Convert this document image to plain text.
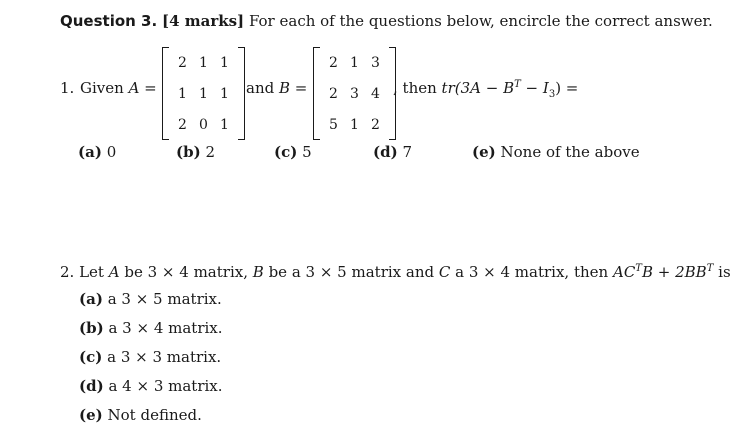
Question 3. [4 marks] For each of the questions below, encircle the correct answer.
1. Given A =
2 1 1
1 1 1
2 0 1
and B =
2 1 3
2 3 4
5 1 2
, then $tr(3A - B^T - I_3)$ =
(a) 0	(b) 2	(c) 5	(d) 7	(e) None of the above
2. Let A be 3 × 4 matrix, B be a 3 × 5 matrix and C a 3 × 4 matrix, then $AC^TB + 2BB^T$ is
(a) a 3 × 5 matrix.
(b) a 3 × 4 matrix.
(c) a 3 × 3 matrix.
(d) a 4 × 3 matrix.
(e) Not defined.
